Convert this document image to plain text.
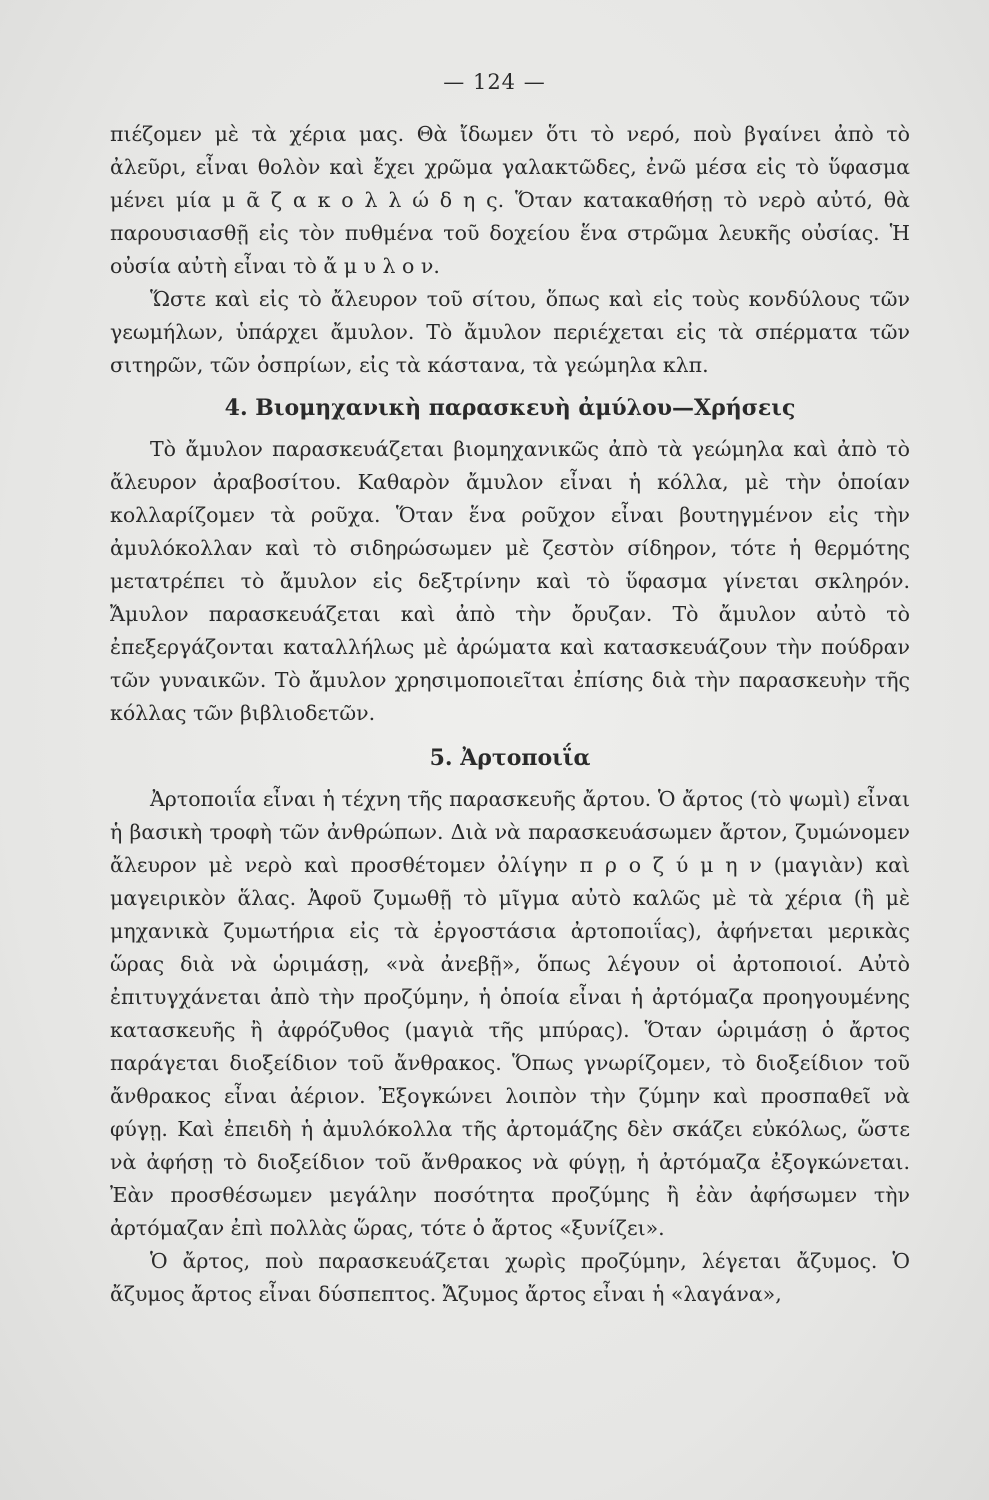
— 124 —

πιέζομεν μὲ τὰ χέρια μας. Θὰ ἴδωμεν ὅτι τὸ νερό, ποὺ βγαίνει ἀπὸ τὸ ἀλεῦρι, εἶναι θολὸν καὶ ἔχει χρῶμα γαλακτῶδες, ἐνῶ μέσα εἰς τὸ ὕφασμα μένει μία μ ᾶ ζ α κ ο λ λ ώ δ η ς. Ὅταν κατακαθήσῃ τὸ νερὸ αὐτό, θὰ παρουσιασθῇ εἰς τὸν πυθμένα τοῦ δοχείου ἕνα στρῶμα λευκῆς οὐσίας. Ἡ οὐσία αὐτὴ εἶναι τὸ ἄ μ υ λ ο ν.

Ὥστε καὶ εἰς τὸ ἄλευρον τοῦ σίτου, ὅπως καὶ εἰς τοὺς κονδύλους τῶν γεωμήλων, ὑπάρχει ἄμυλον. Τὸ ἄμυλον περιέχεται εἰς τὰ σπέρματα τῶν σιτηρῶν, τῶν ὀσπρίων, εἰς τὰ κάστανα, τὰ γεώμηλα κλπ.

4. Βιομηχανικὴ παρασκευὴ ἀμύλου—Χρήσεις

Τὸ ἄμυλον παρασκευάζεται βιομηχανικῶς ἀπὸ τὰ γεώμηλα καὶ ἀπὸ τὸ ἄλευρον ἀραβοσίτου. Καθαρὸν ἄμυλον εἶναι ἡ κόλλα, μὲ τὴν ὁποίαν κολλαρίζομεν τὰ ροῦχα. Ὅταν ἕνα ροῦχον εἶναι βουτηγμένον εἰς τὴν ἀμυλόκολλαν καὶ τὸ σιδηρώσωμεν μὲ ζεστὸν σίδηρον, τότε ἡ θερμότης μετατρέπει τὸ ἄμυλον εἰς δεξτρίνην καὶ τὸ ὕφασμα γίνεται σκληρόν. Ἄμυλον παρασκευάζεται καὶ ἀπὸ τὴν ὄρυζαν. Τὸ ἄμυλον αὐτὸ τὸ ἐπεξεργάζονται καταλλήλως μὲ ἀρώματα καὶ κατασκευάζουν τὴν πούδραν τῶν γυναικῶν. Τὸ ἄμυλον χρησιμοποιεῖται ἐπίσης διὰ τὴν παρασκευὴν τῆς κόλλας τῶν βιβλιοδετῶν.

5. Ἀρτοποιΐα

Ἀρτοποιΐα εἶναι ἡ τέχνη τῆς παρασκευῆς ἄρτου. Ὁ ἄρτος (τὸ ψωμὶ) εἶναι ἡ βασικὴ τροφὴ τῶν ἀνθρώπων. Διὰ νὰ παρασκευάσωμεν ἄρτον, ζυμώνομεν ἄλευρον μὲ νερὸ καὶ προσθέτομεν ὀλίγην π ρ ο ζ ύ μ η ν (μαγιὰν) καὶ μαγειρικὸν ἅλας. Ἀφοῦ ζυμωθῇ τὸ μῖγμα αὐτὸ καλῶς μὲ τὰ χέρια (ἢ μὲ μηχανικὰ ζυμωτήρια εἰς τὰ ἐργοστάσια ἀρτοποιΐας), ἀφήνεται μερικὰς ὥρας διὰ νὰ ὡριμάσῃ, «νὰ ἀνεβῇ», ὅπως λέγουν οἱ ἀρτοποιοί. Αὐτὸ ἐπιτυγχάνεται ἀπὸ τὴν προζύμην, ἡ ὁποία εἶναι ἡ ἀρτόμαζα προηγουμένης κατασκευῆς ἢ ἀφρόζυθος (μαγιὰ τῆς μπύρας). Ὅταν ὡριμάσῃ ὁ ἄρτος παράγεται διοξείδιον τοῦ ἄνθρακος. Ὅπως γνωρίζομεν, τὸ διοξείδιον τοῦ ἄνθρακος εἶναι ἀέριον. Ἐξογκώνει λοιπὸν τὴν ζύμην καὶ προσπαθεῖ νὰ φύγῃ. Καὶ ἐπειδὴ ἡ ἀμυλόκολλα τῆς ἀρτομάζης δὲν σκάζει εὐκόλως, ὥστε νὰ ἀφήσῃ τὸ διοξείδιον τοῦ ἄνθρακος νὰ φύγῃ, ἡ ἀρτόμαζα ἐξογκώνεται. Ἐὰν προσθέσωμεν μεγάλην ποσότητα προζύμης ἢ ἐὰν ἀφήσωμεν τὴν ἀρτόμαζαν ἐπὶ πολλὰς ὥρας, τότε ὁ ἄρτος «ξυνίζει».

Ὁ ἄρτος, ποὺ παρασκευάζεται χωρὶς προζύμην, λέγεται ἄζυμος. Ὁ ἄζυμος ἄρτος εἶναι δύσπεπτος. Ἄζυμος ἄρτος εἶναι ἡ «λαγάνα»,
